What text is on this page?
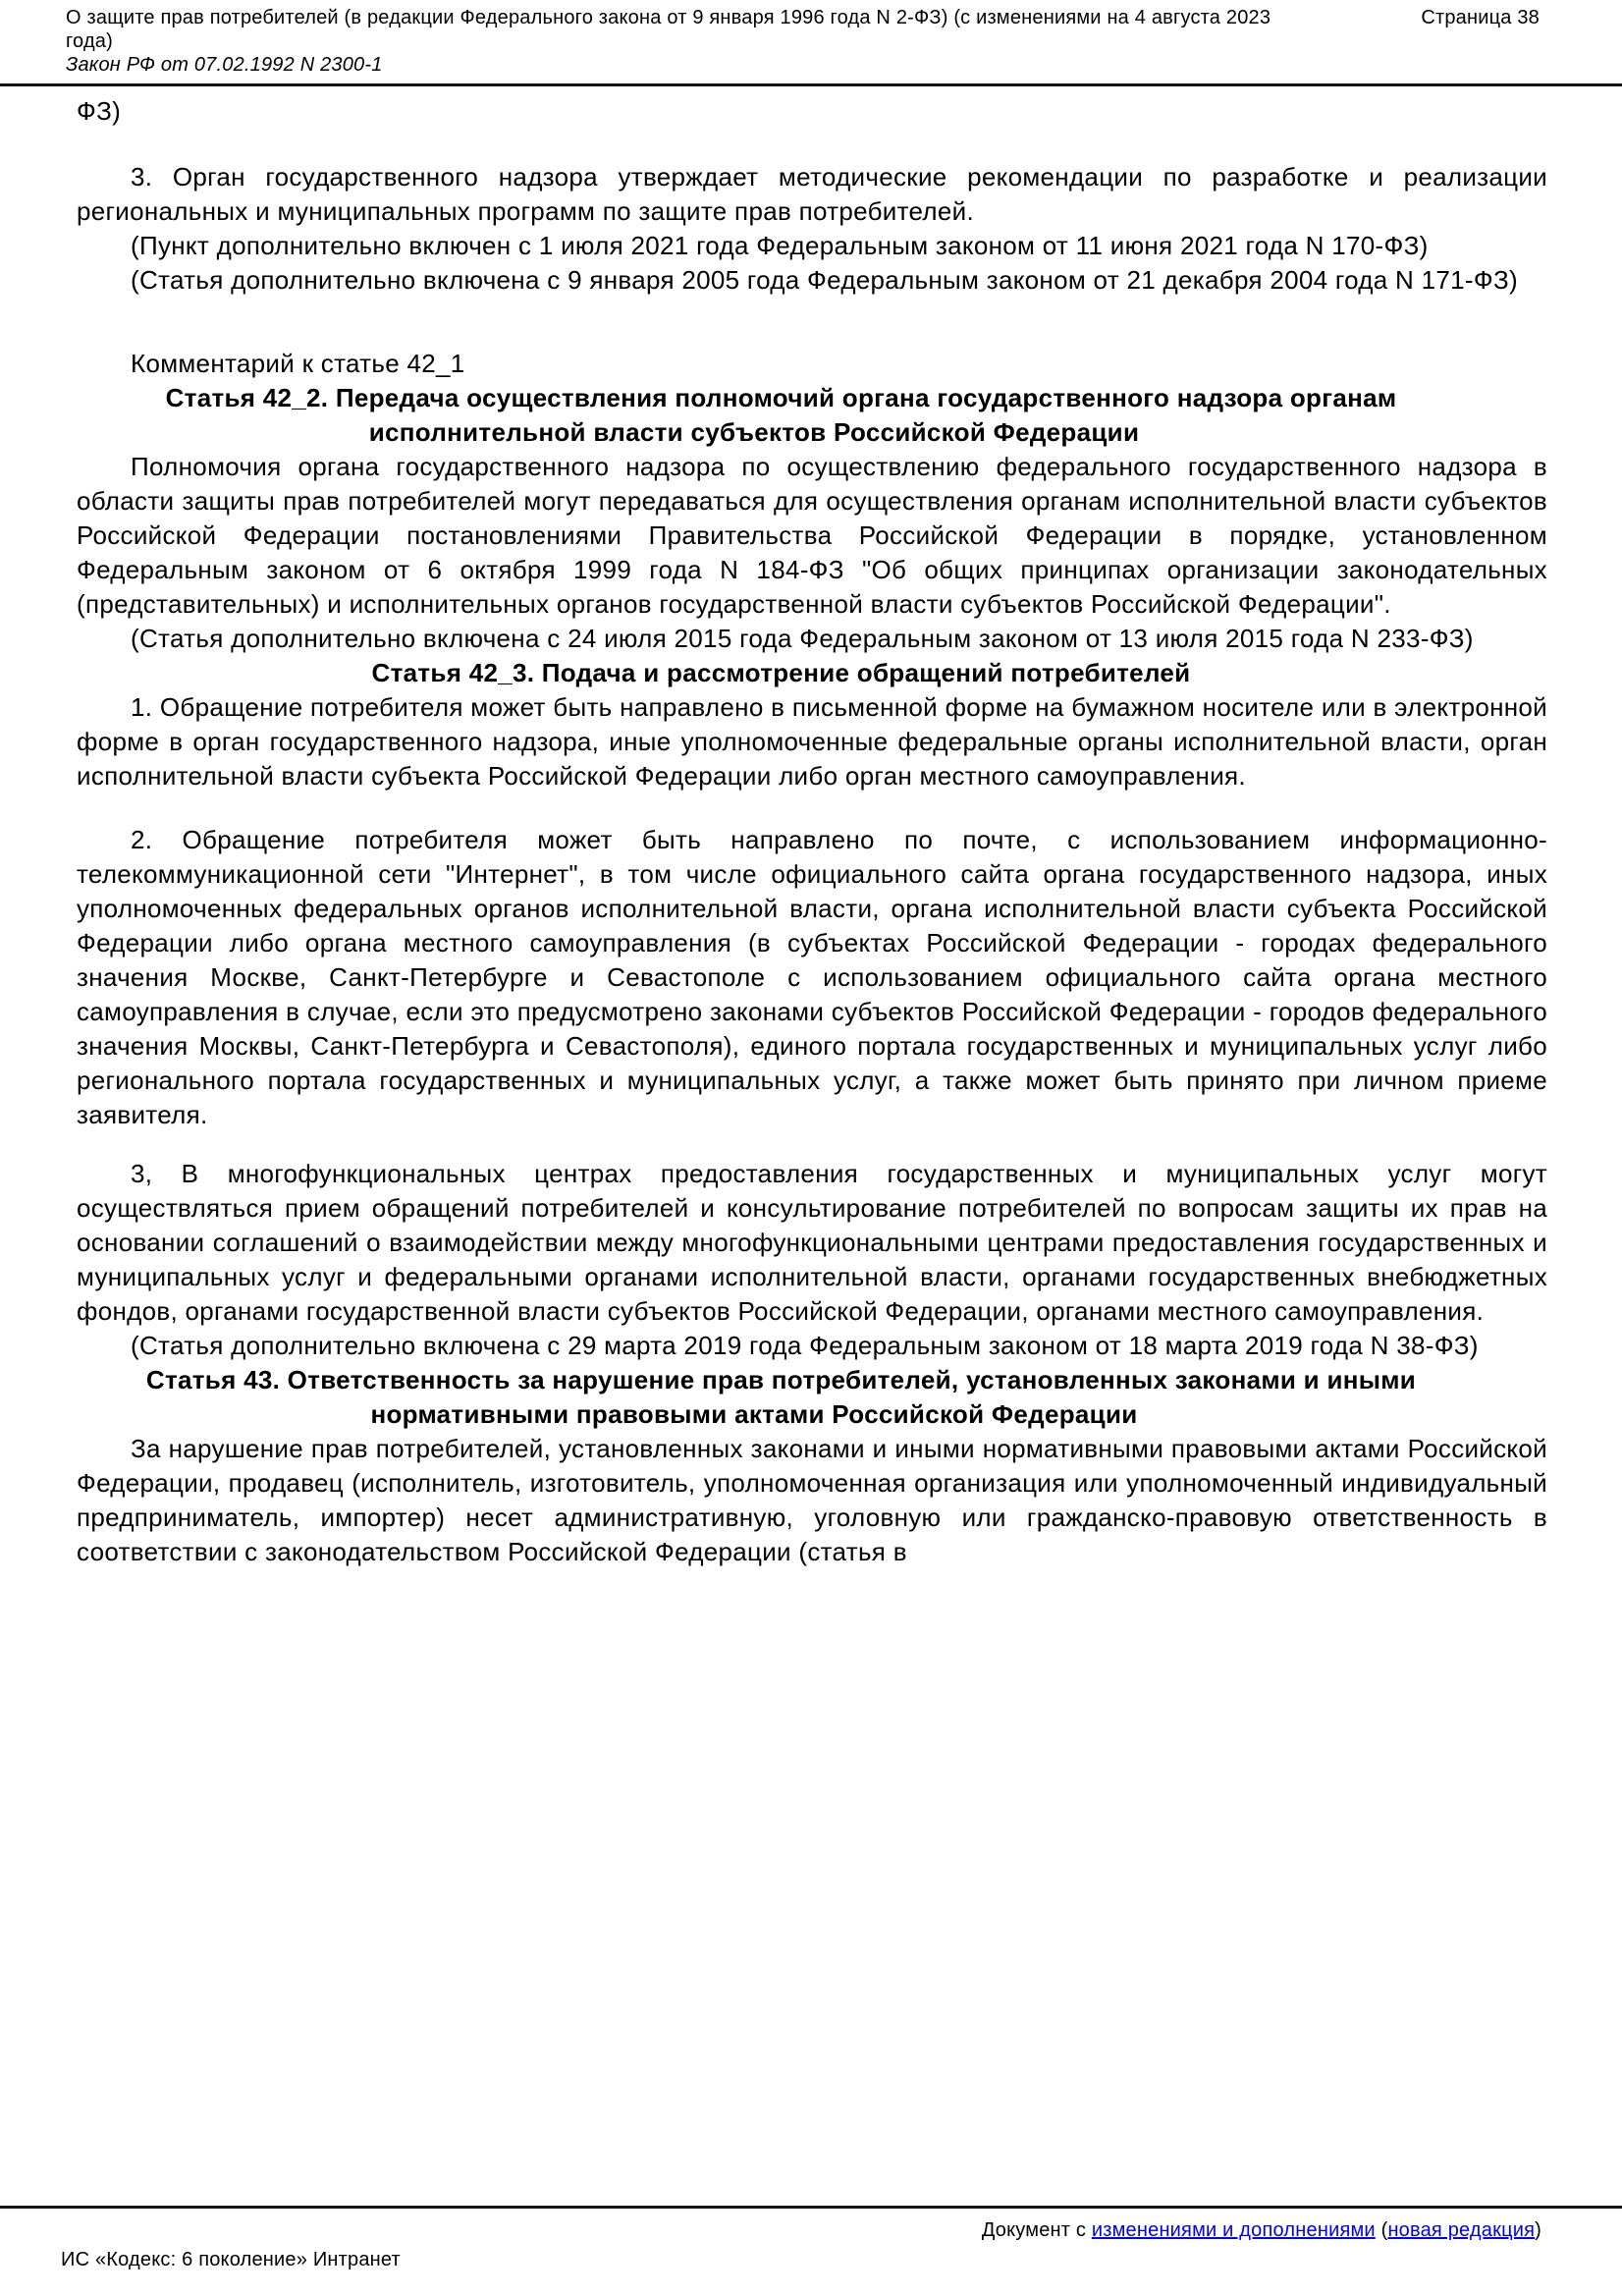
О защите прав потребителей (в редакции Федерального закона от 9 января 1996 года N 2-ФЗ) (с изменениями на 4 августа 2023
года)
Закон РФ от 07.02.1992 N 2300-1
Страница 38

ФЗ)

3. Орган государственного надзора утверждает методические рекомендации по разработке и реализации региональных и муниципальных программ по защите прав потребителей.

(Пункт дополнительно включен с 1 июля 2021 года Федеральным законом от 11 июня 2021 года N 170-ФЗ)

(Статья дополнительно включена с 9 января 2005 года Федеральным законом от 21 декабря 2004 года N 171-ФЗ)

Комментарий к статье 42_1

Статья 42_2. Передача осуществления полномочий органа государственного надзора органам исполнительной власти субъектов Российской Федерации

Полномочия органа государственного надзора по осуществлению федерального государственного надзора в области защиты прав потребителей могут передаваться для осуществления органам исполнительной власти субъектов Российской Федерации постановлениями Правительства Российской Федерации в порядке, установленном Федеральным законом от 6 октября 1999 года N 184-ФЗ "Об общих принципах организации законодательных (представительных) и исполнительных органов государственной власти субъектов Российской Федерации".

(Статья дополнительно включена с 24 июля 2015 года Федеральным законом от 13 июля 2015 года N 233-ФЗ)

Статья 42_3. Подача и рассмотрение обращений потребителей

1. Обращение потребителя может быть направлено в письменной форме на бумажном носителе или в электронной форме в орган государственного надзора, иные уполномоченные федеральные органы исполнительной власти, орган исполнительной власти субъекта Российской Федерации либо орган местного самоуправления.

2. Обращение потребителя может быть направлено по почте, с использованием информационно-телекоммуникационной сети "Интернет", в том числе официального сайта органа государственного надзора, иных уполномоченных федеральных органов исполнительной власти, органа исполнительной власти субъекта Российской Федерации либо органа местного самоуправления (в субъектах Российской Федерации - городах федерального значения Москве, Санкт-Петербурге и Севастополе с использованием официального сайта органа местного самоуправления в случае, если это предусмотрено законами субъектов Российской Федерации - городов федерального значения Москвы, Санкт-Петербурга и Севастополя), единого портала государственных и муниципальных услуг либо регионального портала государственных и муниципальных услуг, а также может быть принято при личном приеме заявителя.

3, В многофункциональных центрах предоставления государственных и муниципальных услуг могут осуществляться прием обращений потребителей и консультирование потребителей по вопросам защиты их прав на основании соглашений о взаимодействии между многофункциональными центрами предоставления государственных и муниципальных услуг и федеральными органами исполнительной власти, органами государственных внебюджетных фондов, органами государственной власти субъектов Российской Федерации, органами местного самоуправления.

(Статья дополнительно включена с 29 марта 2019 года Федеральным законом от 18 марта 2019 года N 38-ФЗ)

Статья 43. Ответственность за нарушение прав потребителей, установленных законами и иными нормативными правовыми актами Российской Федерации

За нарушение прав потребителей, установленных законами и иными нормативными правовыми актами Российской Федерации, продавец (исполнитель, изготовитель, уполномоченная организация или уполномоченный индивидуальный предприниматель, импортер) несет административную, уголовную или гражданско-правовую ответственность в соответствии с законодательством Российской Федерации (статья в

Документ с изменениями и дополнениями (новая редакция)
ИС «Кодекс: 6 поколение» Интранет
